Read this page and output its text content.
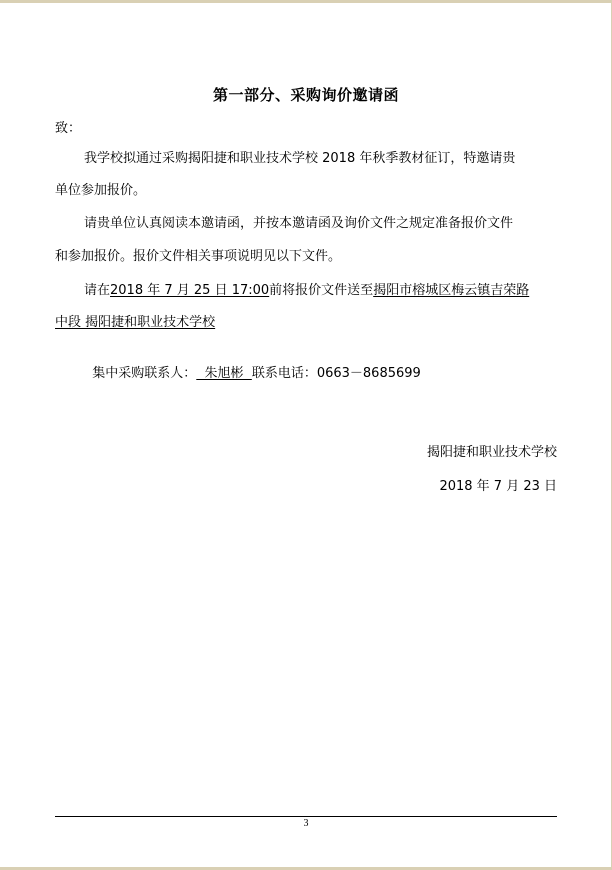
第一部分、采购询价邀请函
致：
我学校拟通过采购揭阳捷和职业技术学校 2018 年秋季教材征订，特邀请贵
单位参加报价。
请贵单位认真阅读本邀请函，并按本邀请函及询价文件之规定准备报价文件
和参加报价。报价文件相关事项说明见以下文件。
请在2018 年 7 月 25 日 17:00前将报价文件送至揭阳市榕城区梅云镇吉荣路
中段 揭阳捷和职业技术学校

集中采购联系人：  朱旭彬  联系电话：0663－8685699

揭阳捷和职业技术学校
2018 年 7 月 23 日
3
